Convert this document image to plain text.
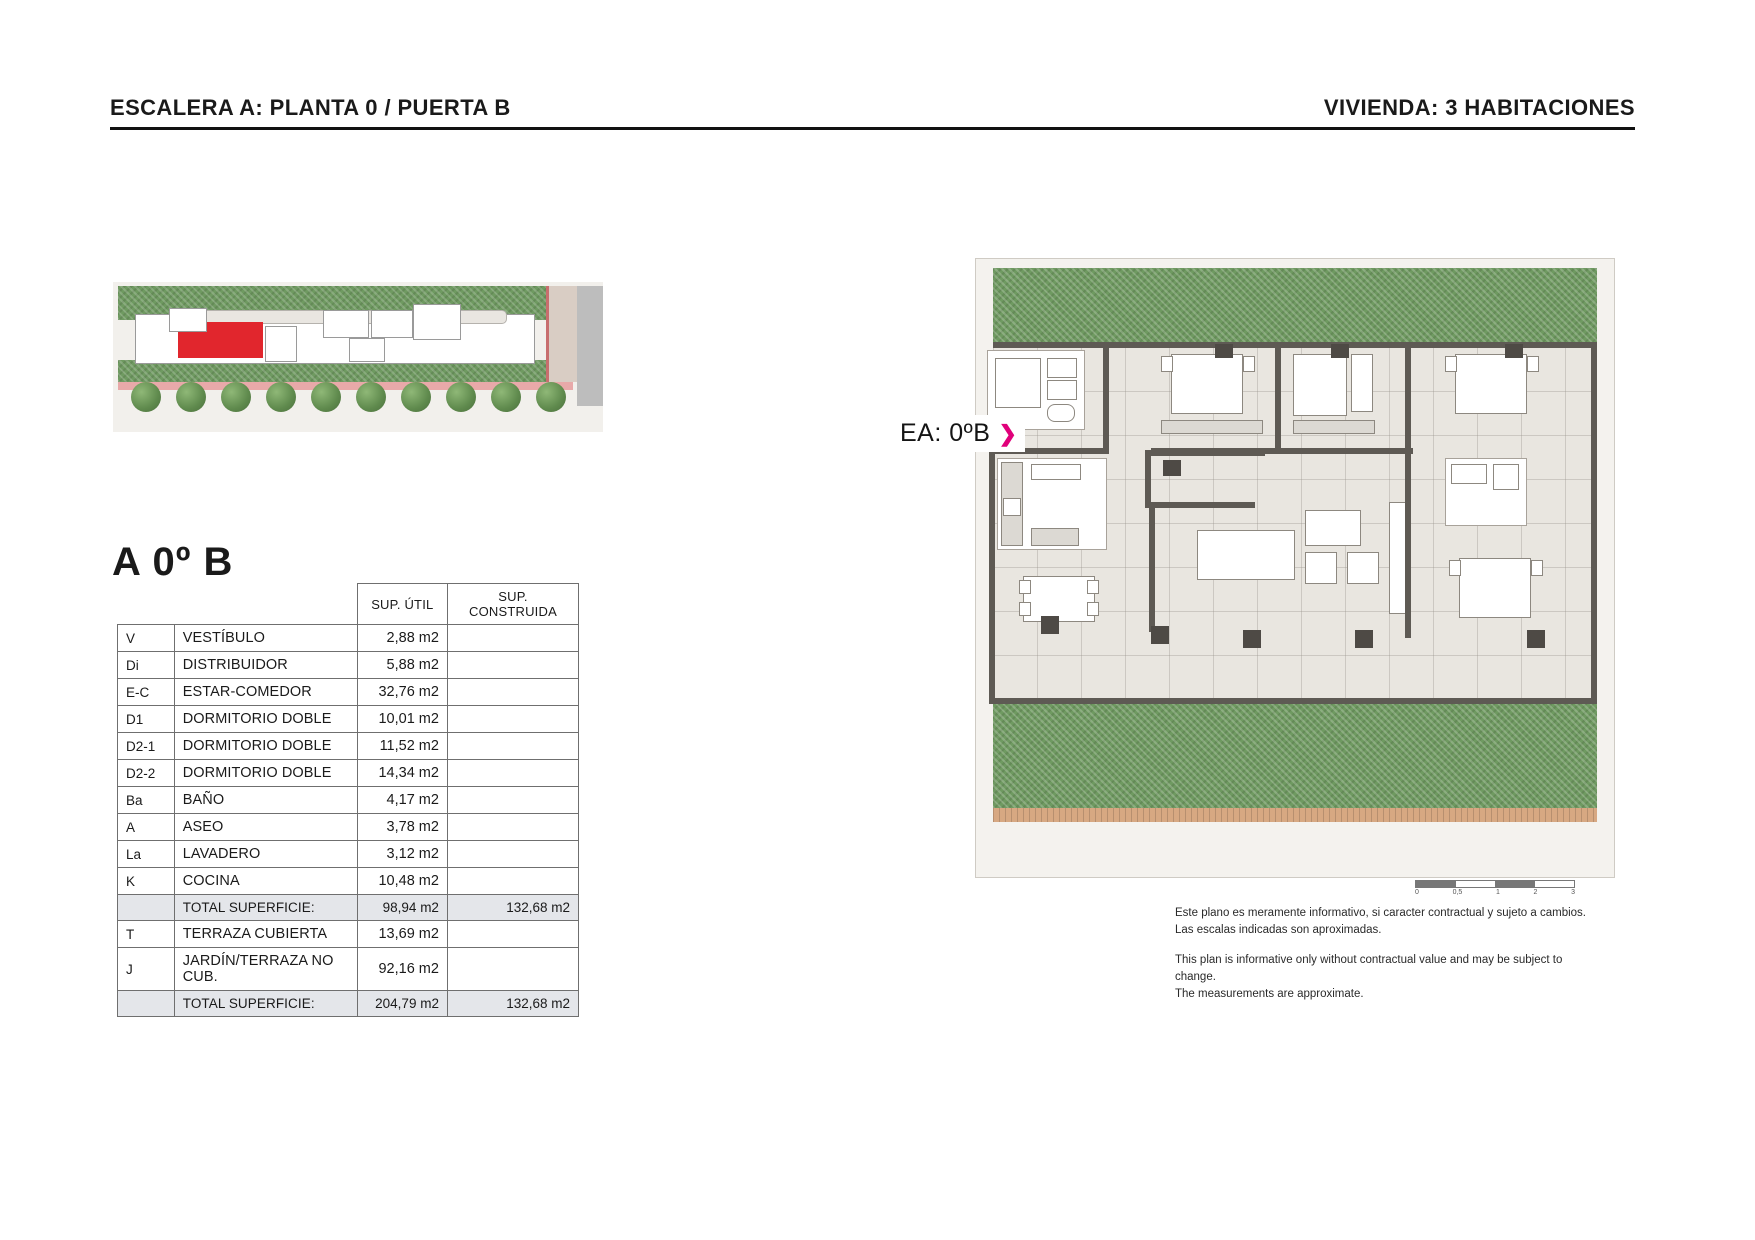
ESCALERA A: PLANTA 0 / PUERTA B	VIVIENDA: 3 HABITACIONES
A 0º B
		SUP. ÚTIL	SUP. CONSTRUIDA
V	VESTÍBULO	2,88 m2	
Di	DISTRIBUIDOR	5,88 m2	
E-C	ESTAR-COMEDOR	32,76 m2	
D1	DORMITORIO DOBLE	10,01 m2	
D2-1	DORMITORIO DOBLE	11,52 m2	
D2-2	DORMITORIO DOBLE	14,34 m2	
Ba	BAÑO	4,17 m2	
A	ASEO	3,78 m2	
La	LAVADERO	3,12 m2	
K	COCINA	10,48 m2	
	TOTAL SUPERFICIE:	98,94 m2	132,68 m2
T	TERRAZA CUBIERTA	13,69 m2	
J	JARDÍN/TERRAZA NO CUB.	92,16 m2	
	TOTAL SUPERFICIE:	204,79 m2	132,68 m2
EA: 0ºB ❯
0	0,5	1	2	3
Este plano es meramente informativo, si caracter contractual y sujeto a cambios.
Las escalas indicadas son aproximadas.
This plan is informative only without contractual value and may be subject to change.
The measurements are approximate.
